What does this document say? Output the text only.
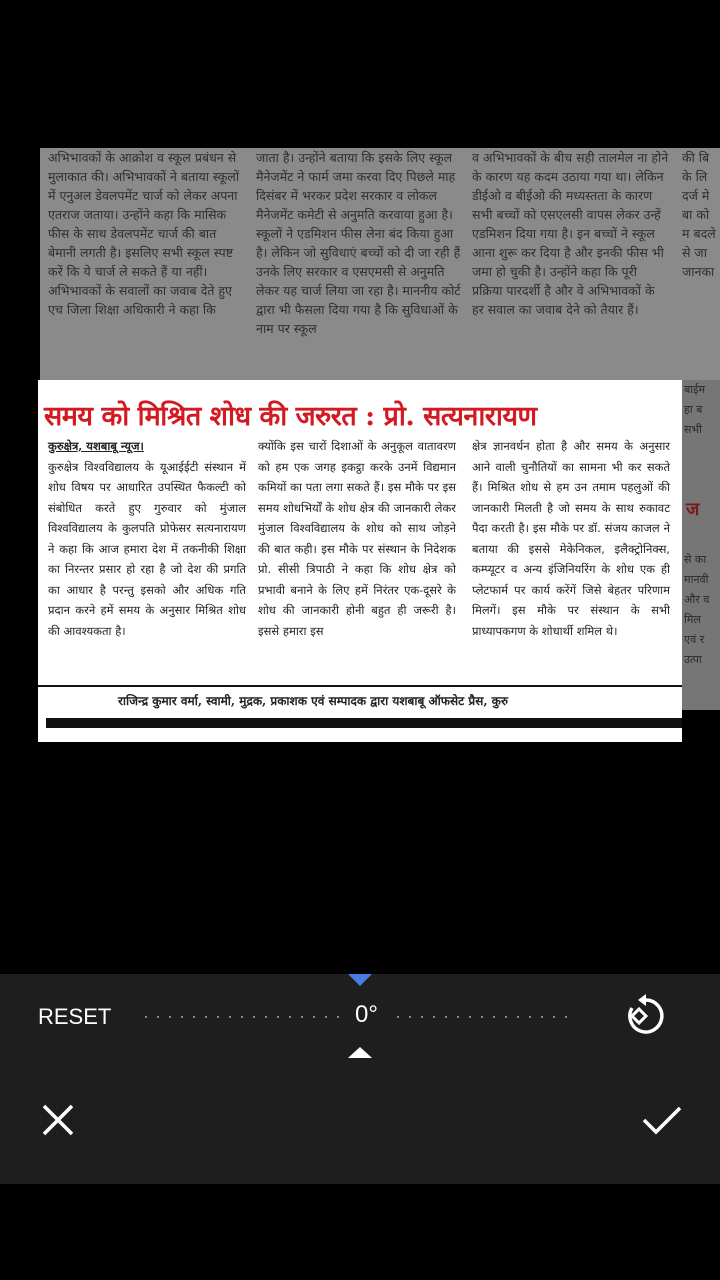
अभिभावकों के आक्रोश व स्कूल प्रबंधन से मुलाकात की। अभिभावकों ने बताया स्कूलों में एनुअल डेवलपमेंट चार्ज को लेकर अपना एतराज जताया। उन्होंने कहा कि मासिक फीस के साथ डेवलपमेंट चार्ज की बात बेमानी लगती है। इसलिए सभी स्कूल स्पष्ट करें कि ये चार्ज ले सकते हैं या नहीं। अभिभावकों के सवालों का जवाब देते हुए एच जिला शिक्षा अधिकारी ने कहा कि
जाता है। उन्होंने बताया कि इसके लिए स्कूल मैनेजमेंट ने फार्म जमा करवा दिए पिछले माह दिसंबर में भरकर प्रदेश सरकार व लोकल मैनेजमेंट कमेटी से अनुमति करवाया हुआ है। स्कूलों ने एडमिशन फीस लेना बंद किया हुआ है। लेकिन जो सुविधाएं बच्चों को दी जा रही हैं उनके लिए सरकार व एसएमसी से अनुमति लेकर यह चार्ज लिया जा रहा है। माननीय कोर्ट द्वारा भी फैसला दिया गया है कि सुविधाओं के नाम पर स्कूल
व अभिभावकों के बीच सही तालमेल ना होने के कारण यह कदम उठाया गया था। लेकिन डीईओ व बीईओ की मध्यस्तता के कारण सभी बच्चों को एसएलसी वापस लेकर उन्हें एडमिशन दिया गया है। इन बच्चों ने स्कूल आना शुरू कर दिया है और इनकी फीस भी जमा हो चुकी है। उन्होंने कहा कि पूरी प्रक्रिया पारदर्शी है और वे अभिभावकों के हर सवाल का जवाब देने को तैयार हैं।
की बि के लि दर्ज मे बा को म बदले से जा जानका
बाईम
हा ब
सभी
ज
से का
मानवी
और व
मिल
एवं र
उत्पा
समय को मिश्रित शोध की जरुरत : प्रो. सत्यनारायण
कुरुक्षेत्र, यशबाबू न्यूज।
कुरुक्षेत्र विश्वविद्यालय के यूआईईटी संस्थान में शोध विषय पर आधारित उपस्थित फैकल्टी को संबोधित करते हुए गुरुवार को मुंजाल विश्वविद्यालय के कुलपति प्रोफेसर सत्यनारायण ने कहा कि आज हमारा देश में तकनीकी शिक्षा का निरन्तर प्रसार हो रहा है जो देश की प्रगति का आधार है परन्तु इसको और अधिक गति प्रदान करने हमें समय के अनुसार मिश्रित शोध की आवश्यकता है।
क्योंकि इस चारों दिशाओं के अनुकूल वातावरण को हम एक जगह इकट्ठा करके उनमें विद्यमान कमियों का पता लगा सकते हैं। इस मौके पर इस समय शोधभिर्यों के शोध क्षेत्र की जानकारी लेकर मुंजाल विश्वविद्यालय के शोध को साथ जोड़ने की बात कही। इस मौके पर संस्थान के निदेशक प्रो. सीसी त्रिपाठी ने कहा कि शोध क्षेत्र को प्रभावी बनाने के लिए हमें निरंतर एक-दूसरे के शोध की जानकारी होनी बहुत ही जरूरी है। इससे हमारा इस
क्षेत्र ज्ञानवर्धन होता है और समय के अनुसार आने वाली चुनौतियों का सामना भी कर सकते हैं। मिश्रित शोध से हम उन तमाम पहलुओं की जानकारी मिलती है जो समय के साथ रुकावट पैदा करती है। इस मौके पर डॉ. संजय काजल ने बताया की इससे मेकेनिकल, इलैक्ट्रोनिक्स, कम्प्यूटर व अन्य इंजिनियरिंग के शोध एक ही प्लेटफार्म पर कार्य करेंगें जिसे बेहतर परिणाम मिलगें। इस मौके पर संस्थान के सभी प्राध्यापकगण के शोधार्थी शमिल थे।
राजिन्द्र कुमार वर्मा, स्वामी, मुद्रक, प्रकाशक एवं सम्पादक द्वारा यशबाबू ऑफसेट प्रैस, कुरु
RESET	0°
